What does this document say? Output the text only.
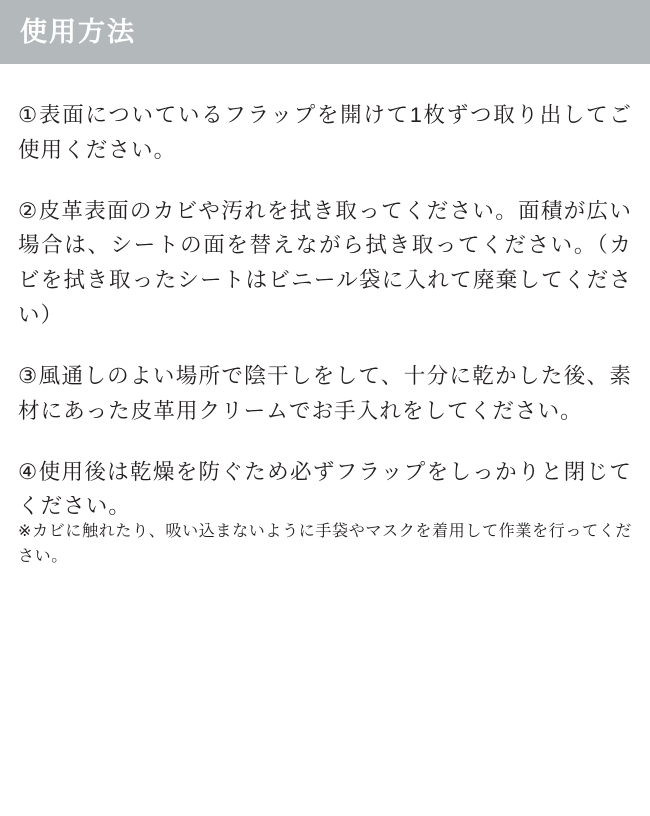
使用方法

①表面についているフラップを開けて1枚ずつ取り出してご使用ください。

②皮革表面のカビや汚れを拭き取ってください。面積が広い場合は、シートの面を替えながら拭き取ってください。（カビを拭き取ったシートはビニール袋に入れて廃棄してください）

③風通しのよい場所で陰干しをして、十分に乾かした後、素材にあった皮革用クリームでお手入れをしてください。

④使用後は乾燥を防ぐため必ずフラップをしっかりと閉じてください。

※カビに触れたり、吸い込まないように手袋やマスクを着用して作業を行ってください。
